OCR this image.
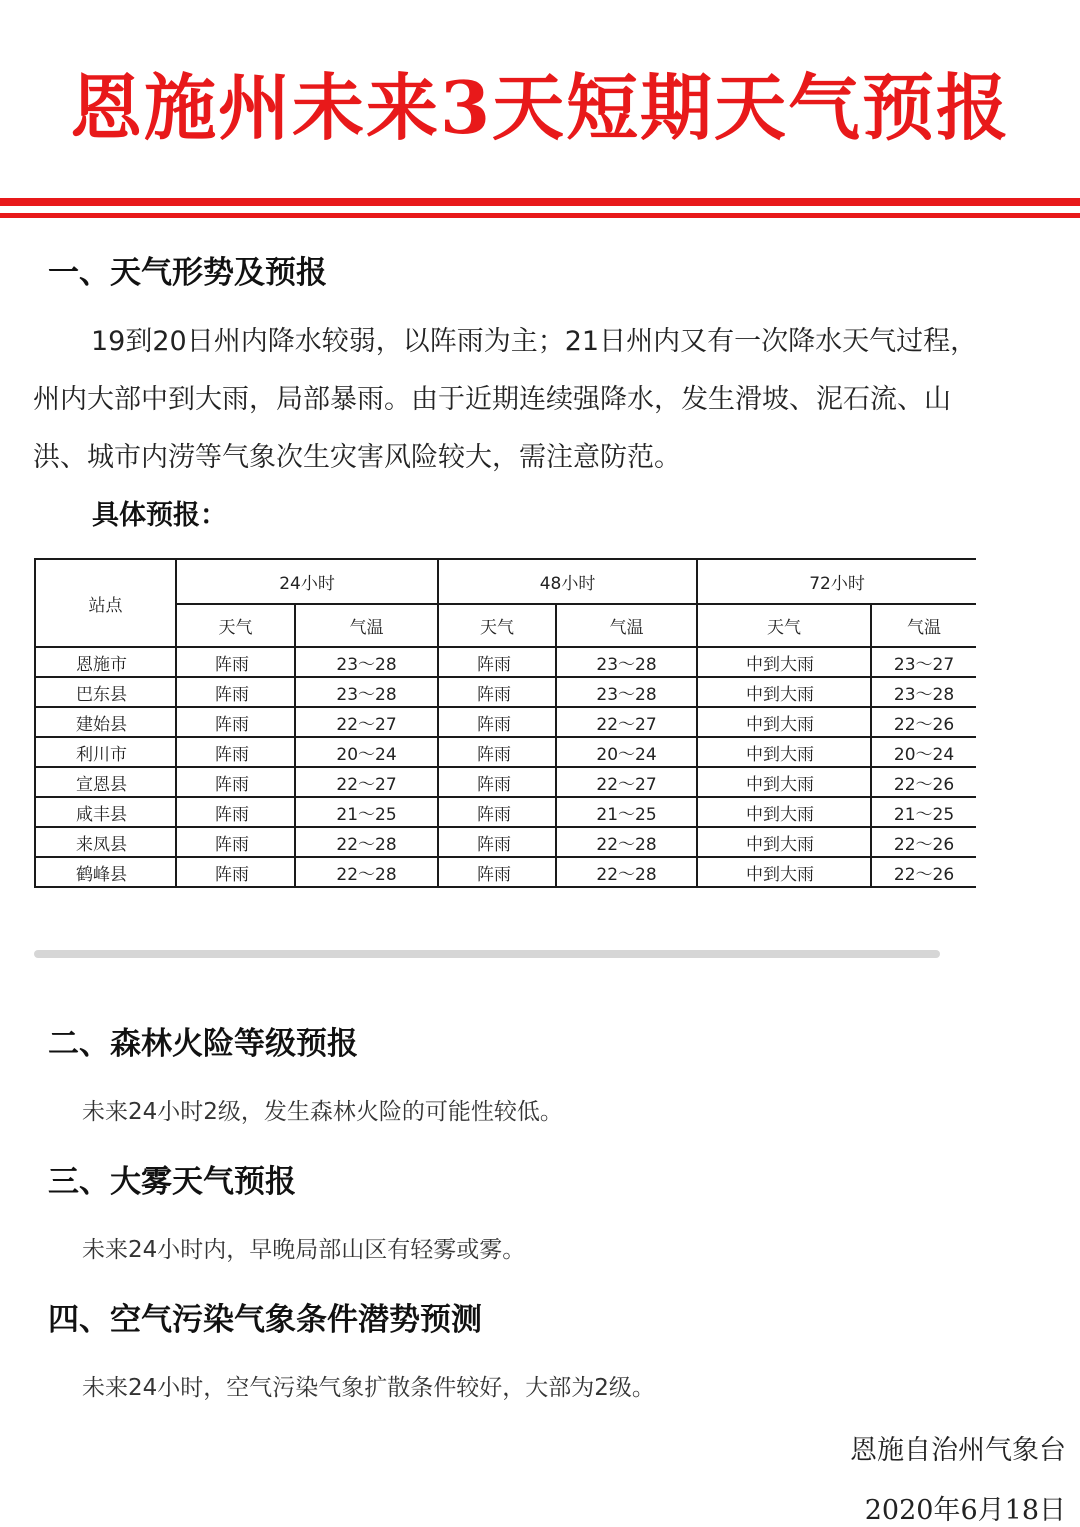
恩施州未来3天短期天气预报
一、天气形势及预报
19到20日州内降水较弱，以阵雨为主；21日州内又有一次降水天气过程，州内大部中到大雨，局部暴雨。由于近期连续强降水，发生滑坡、泥石流、山洪、城市内涝等气象次生灾害风险较大，需注意防范。
具体预报：
站点	24小时		48小时		72小时	
	天气	气温	天气	气温	天气	气温
恩施市	阵雨	23～28	阵雨	23～28	中到大雨	23～27
巴东县	阵雨	23～28	阵雨	23～28	中到大雨	23～28
建始县	阵雨	22～27	阵雨	22～27	中到大雨	22～26
利川市	阵雨	20～24	阵雨	20～24	中到大雨	20～24
宣恩县	阵雨	22～27	阵雨	22～27	中到大雨	22～26
咸丰县	阵雨	21～25	阵雨	21～25	中到大雨	21～25
来凤县	阵雨	22～28	阵雨	22～28	中到大雨	22～26
鹤峰县	阵雨	22～28	阵雨	22～28	中到大雨	22～26
二、森林火险等级预报
未来24小时2级，发生森林火险的可能性较低。
三、大雾天气预报
未来24小时内，早晚局部山区有轻雾或雾。
四、空气污染气象条件潜势预测
未来24小时，空气污染气象扩散条件较好，大部为2级。
恩施自治州气象台
2020年6月18日
